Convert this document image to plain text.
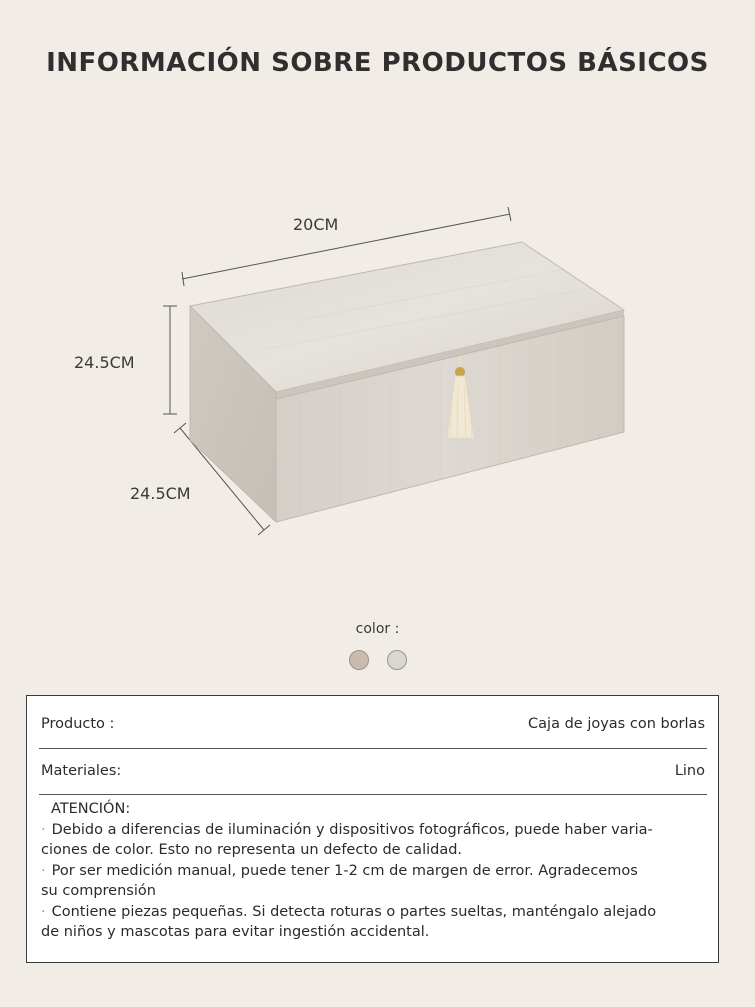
INFORMACIÓN SOBRE PRODUCTOS BÁSICOS
20CM
24.5CM
24.5CM
color :
Producto :	Caja de joyas con borlas
Materiales:	Lino
ATENCIÓN:
· Debido a diferencias de iluminación y dispositivos fotográficos, puede haber varia-
ciones de color. Esto no representa un defecto de calidad.
· Por ser medición manual, puede tener 1-2 cm de margen de error. Agradecemos
su comprensión
· Contiene piezas pequeñas. Si detecta roturas o partes sueltas, manténgalo alejado
de niños y mascotas para evitar ingestión accidental.
